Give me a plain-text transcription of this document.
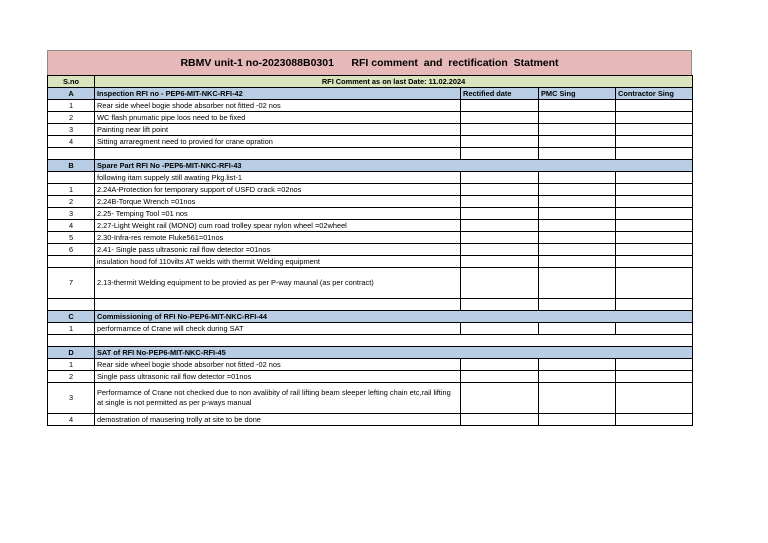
RBMV unit-1 no-2023088B0301      RFI comment  and  rectification  Statment
S.no	RFI Comment as on last Date: 11.02.2024			
A	Inspection RFI no - PEP6-MIT-NKC-RFI-42	Rectified date	PMC Sing	Contractor Sing
1	Rear side wheel bogie shode absorber not fitted -02 nos			
2	WC flash pnumatic pipe loos need to be fixed			
3	Painting near lift point			
4	Sitting arraregment need to provied for crane opration			

B	Spare Part RFI No -PEP6-MIT-NKC-RFI-43			
	following itam suppely still awating Pkg.list-1			
1	2.24A-Protection for temporary support of USFD crack =02nos			
2	2.24B-Torque Wrench =01nos			
3	2.25- Temping Tool =01 nos			
4	2.27-Light Weight rail (MONO) cum road trolley spear nylon wheel =02wheel			
5	2.30-Infra-res remote Fluke561=01nos			
6	2.41- Single pass ultrasonic rail flow detector =01nos			
	insulation hood fof 110vilts AT welds with thermit Welding equipment			
7	2.13-thermit Welding equipment to be provied as per P-way maunal (as per contract)			

C	Commissioning of RFI No-PEP6-MIT-NKC-RFI-44			
1	performarnce of Crane will check during SAT			

D	SAT of RFI No-PEP6-MIT-NKC-RFI-45			
1	Rear side wheel bogie shode absorber not fitted -02 nos			
2	Single pass ultrasonic rail flow detector =01nos			
3	Performarnce of Crane not checked due to non avalibity of rail lifting beam sleeper lefting chain etc,rail lifting at single is not permitted as per p-ways manual			
4	demostration of mausering trolly at site to be done			
